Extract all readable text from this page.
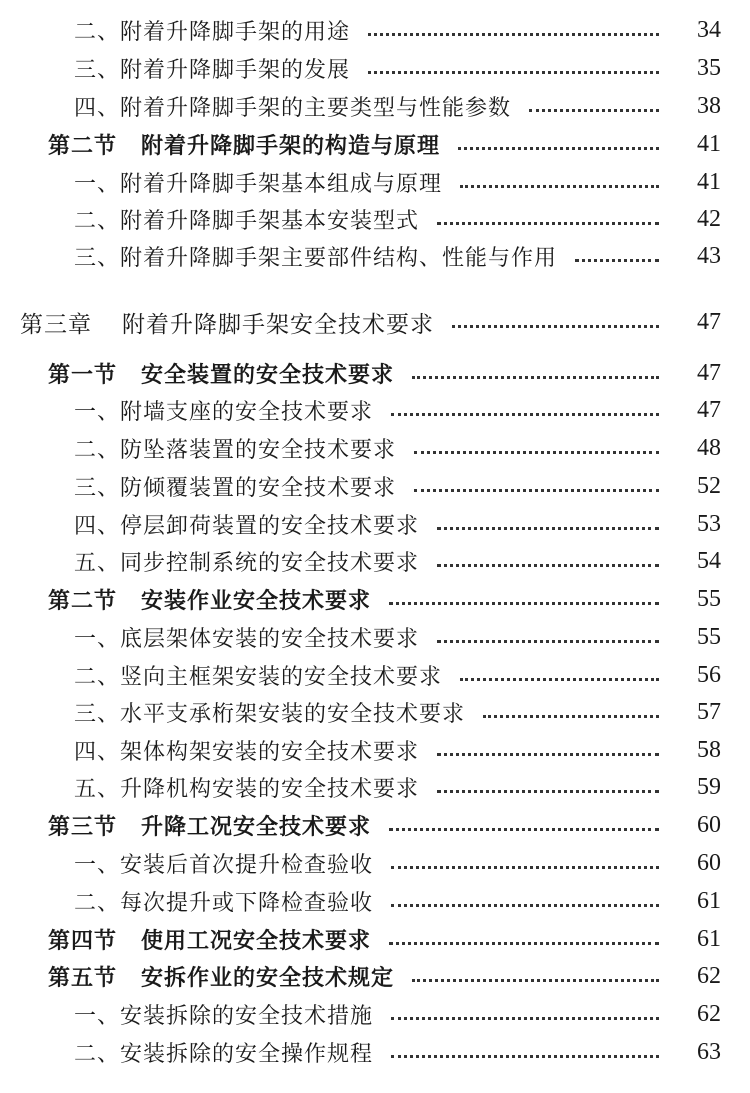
二、附着升降脚手架的用途	34
三、附着升降脚手架的发展	35
四、附着升降脚手架的主要类型与性能参数	38
第二节 附着升降脚手架的构造与原理	41
一、附着升降脚手架基本组成与原理	41
二、附着升降脚手架基本安装型式	42
三、附着升降脚手架主要部件结构、性能与作用	43
第三章 附着升降脚手架安全技术要求	47
第一节 安全装置的安全技术要求	47
一、附墙支座的安全技术要求	47
二、防坠落装置的安全技术要求	48
三、防倾覆装置的安全技术要求	52
四、停层卸荷装置的安全技术要求	53
五、同步控制系统的安全技术要求	54
第二节 安装作业安全技术要求	55
一、底层架体安装的安全技术要求	55
二、竖向主框架安装的安全技术要求	56
三、水平支承桁架安装的安全技术要求	57
四、架体构架安装的安全技术要求	58
五、升降机构安装的安全技术要求	59
第三节 升降工况安全技术要求	60
一、安装后首次提升检查验收	60
二、每次提升或下降检查验收	61
第四节 使用工况安全技术要求	61
第五节 安拆作业的安全技术规定	62
一、安装拆除的安全技术措施	62
二、安装拆除的安全操作规程	63
